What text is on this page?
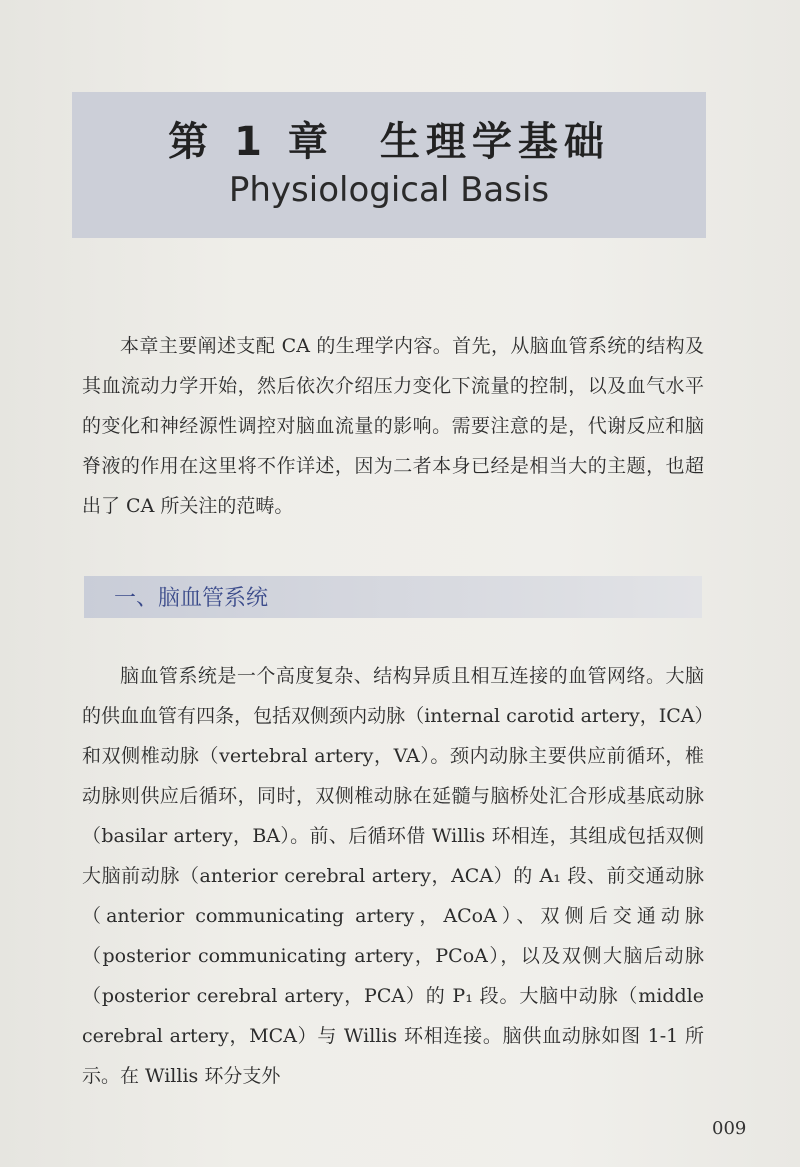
第 1 章　生理学基础
Physiological Basis

本章主要阐述支配 CA 的生理学内容。首先，从脑血管系统的结构及其血流动力学开始，然后依次介绍压力变化下流量的控制，以及血气水平的变化和神经源性调控对脑血流量的影响。需要注意的是，代谢反应和脑脊液的作用在这里将不作详述，因为二者本身已经是相当大的主题，也超出了 CA 所关注的范畴。

一、脑血管系统

脑血管系统是一个高度复杂、结构异质且相互连接的血管网络。大脑的供血血管有四条，包括双侧颈内动脉（internal carotid artery，ICA）和双侧椎动脉（vertebral artery，VA）。颈内动脉主要供应前循环，椎动脉则供应后循环，同时，双侧椎动脉在延髓与脑桥处汇合形成基底动脉（basilar artery，BA）。前、后循环借 Willis 环相连，其组成包括双侧大脑前动脉（anterior cerebral artery，ACA）的 A₁ 段、前交通动脉（anterior communicating artery，ACoA）、双侧后交通动脉（posterior communicating artery，PCoA），以及双侧大脑后动脉（posterior cerebral artery，PCA）的 P₁ 段。大脑中动脉（middle cerebral artery，MCA）与 Willis 环相连接。脑供血动脉如图 1-1 所示。在 Willis 环分支外

009
